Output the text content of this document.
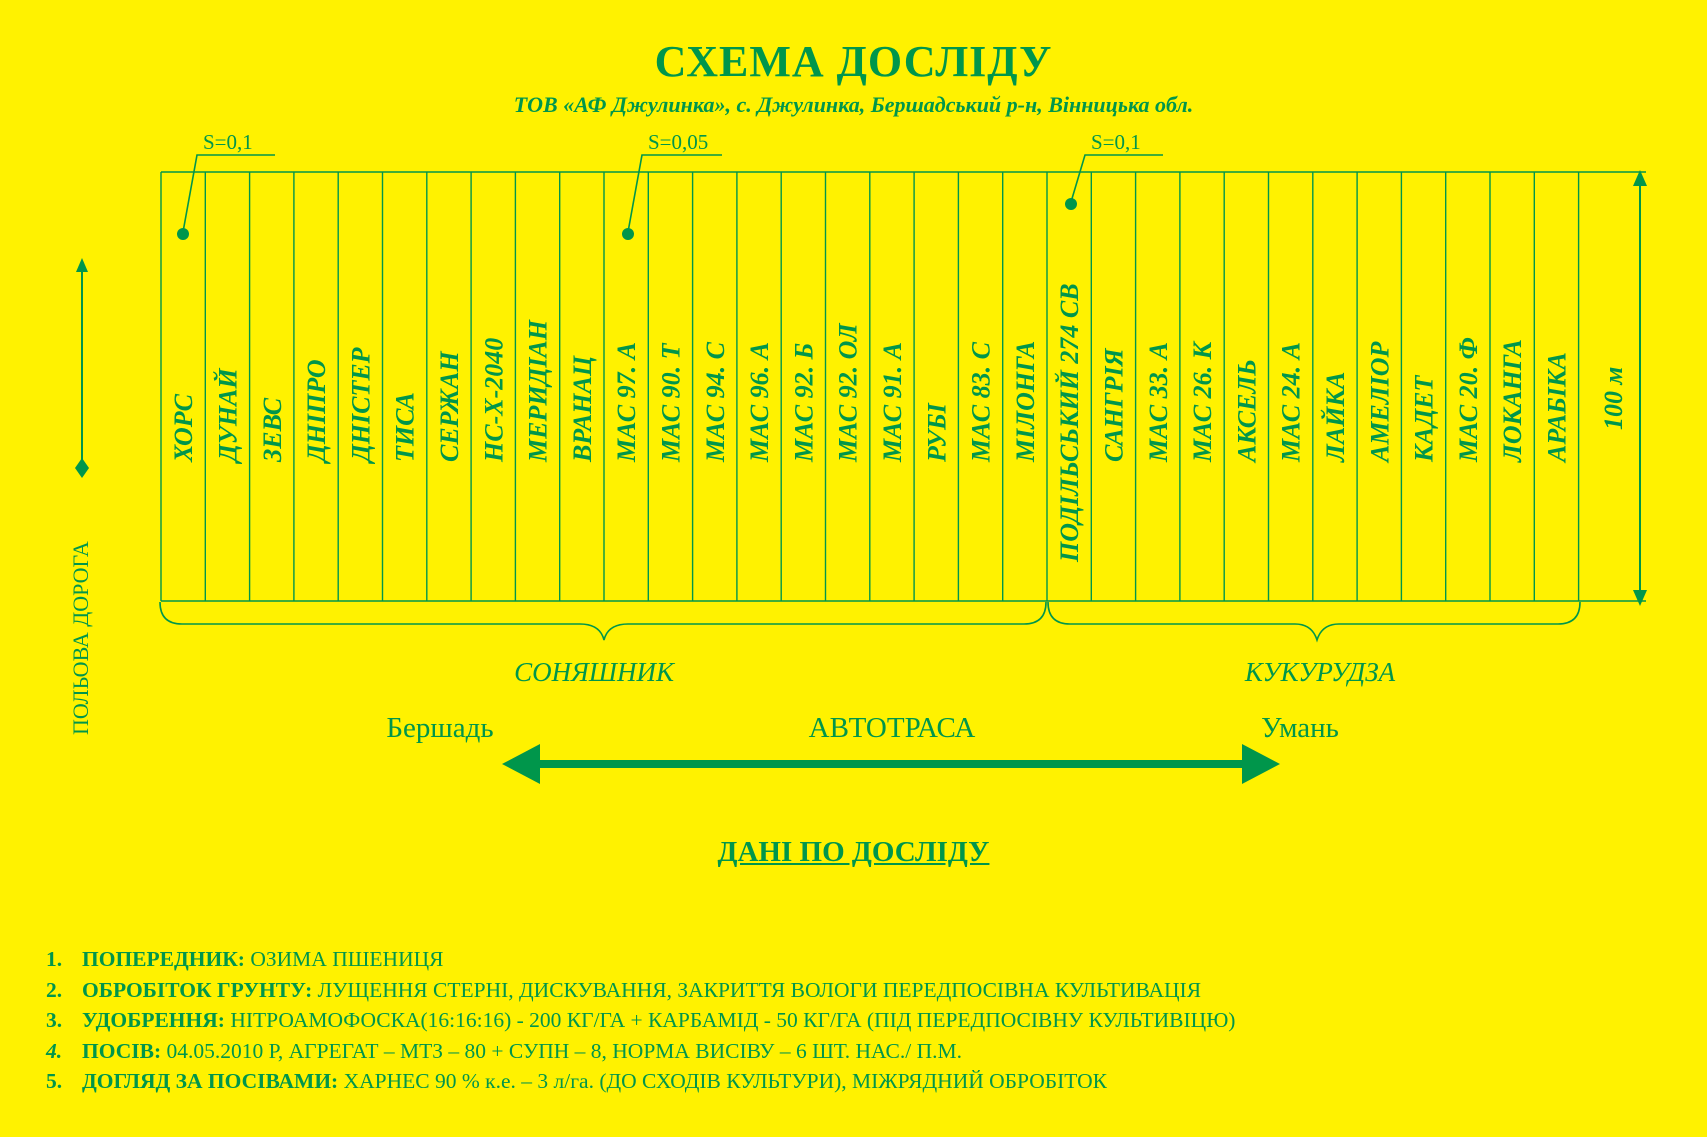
СХЕМА ДОСЛІДУ
ТОВ «АФ Джулинка», с. Джулинка, Бершадський р-н, Вінницька обл.
ХОРС ДУНАЙ ЗЕВС ДНІПРО ДНІСТЕР ТИСА СЕРЖАН НС-Х-2040 МЕРИДІАН ВРАНАЦ МАС 97. А МАС 90. Т МАС 94. С МАС 96. А МАС 92. Б МАС 92. ОЛ МАС 91. А РУБІ МАС 83. С МІЛОНГА ПОДІЛЬСЬКИЙ 274 СВ САНГРІЯ МАС 33. А МАС 26. К АКСЕЛЬ МАС 24. А ЛАЙКА АМЕЛІОР КАДЕТ МАС 20. Ф ЛОКАНГА АРАБІКА
S=0,1	S=0,05	S=0,1
100 м
СОНЯШНИК	КУКУРУДЗА
ПОЛЬОВА ДОРОГА	Бершадь	АВТОТРАСА	Умань
ДАНІ ПО ДОСЛІДУ
1. ПОПЕРЕДНИК: ОЗИМА ПШЕНИЦЯ
2. ОБРОБІТОК ГРУНТУ: ЛУЩЕННЯ СТЕРНІ, ДИСКУВАННЯ, ЗАКРИТТЯ ВОЛОГИ ПЕРЕДПОСІВНА КУЛЬТИВАЦІЯ
3. УДОБРЕННЯ: НІТРОАМОФОСКА(16:16:16) - 200 КГ/ГА + КАРБАМІД - 50 КГ/ГА (ПІД ПЕРЕДПОСІВНУ КУЛЬТИВІЦЮ)
4. ПОСІВ: 04.05.2010 Р, АГРЕГАТ – МТЗ – 80 + СУПН – 8, НОРМА ВИСІВУ – 6 ШТ. НАС./ П.М.
5. ДОГЛЯД ЗА ПОСІВАМИ: ХАРНЕС 90 % к.е. – 3 л/га. (ДО СХОДІВ КУЛЬТУРИ), МІЖРЯДНИЙ ОБРОБІТОК
